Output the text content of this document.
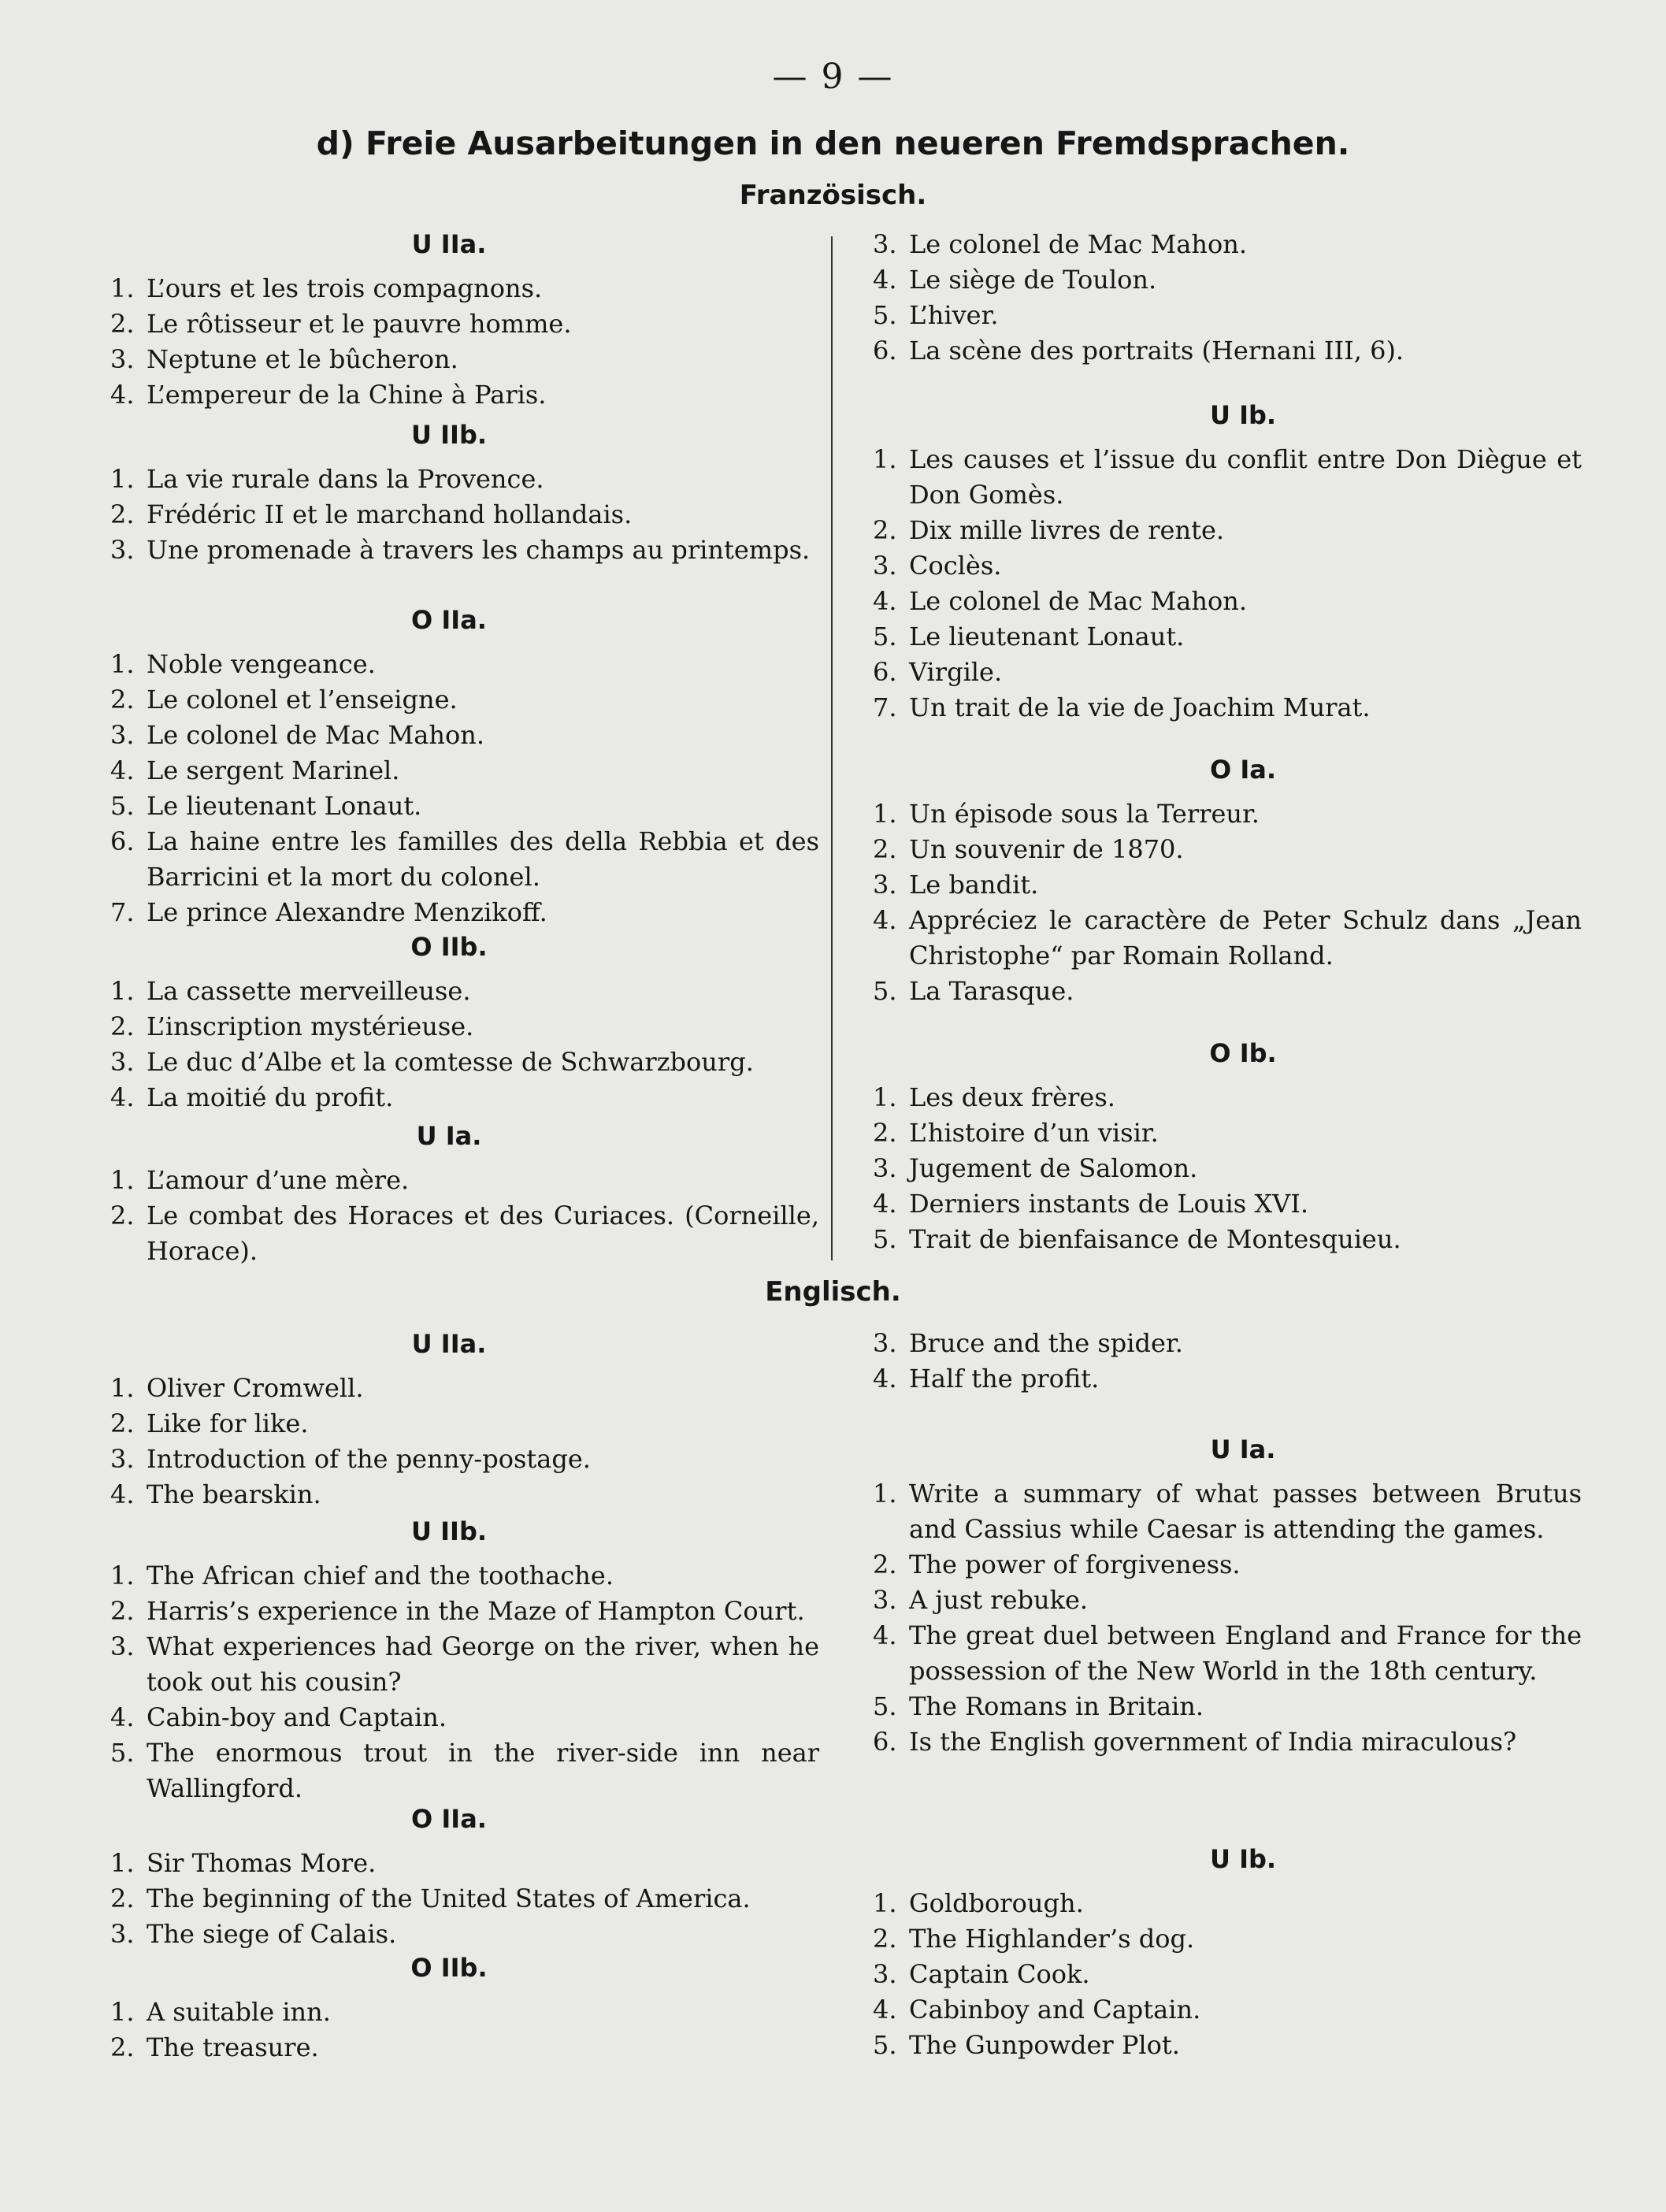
— 9 —
d) Freie Ausarbeitungen in den neueren Fremdsprachen.
Französisch.
Englisch.
U IIa.
1. L’ours et les trois compagnons.
2. Le rôtisseur et le pauvre homme.
3. Neptune et le bûcheron.
4. L’empereur de la Chine à Paris.
U IIb.
1. La vie rurale dans la Provence.
2. Frédéric II et le marchand hollandais.
3. Une promenade à travers les champs au printemps.
O IIa.
1. Noble vengeance.
2. Le colonel et l’enseigne.
3. Le colonel de Mac Mahon.
4. Le sergent Marinel.
5. Le lieutenant Lonaut.
6. La haine entre les familles des della Rebbia et des Barricini et la mort du colonel.
7. Le prince Alexandre Menzikoff.
O IIb.
1. La cassette merveilleuse.
2. L’inscription mystérieuse.
3. Le duc d’Albe et la comtesse de Schwarzbourg.
4. La moitié du profit.
U Ia.
1. L’amour d’une mère.
2. Le combat des Horaces et des Curiaces. (Corneille, Horace).
U IIa.
1. Oliver Cromwell.
2. Like for like.
3. Introduction of the penny-postage.
4. The bearskin.
U IIb.
1. The African chief and the toothache.
2. Harris’s experience in the Maze of Hampton Court.
3. What experiences had George on the river, when he took out his cousin?
4. Cabin-boy and Captain.
5. The enormous trout in the river-side inn near Wallingford.
O IIa.
1. Sir Thomas More.
2. The beginning of the United States of America.
3. The siege of Calais.
O IIb.
1. A suitable inn.
2. The treasure.
3. Le colonel de Mac Mahon.
4. Le siège de Toulon.
5. L’hiver.
6. La scène des portraits (Hernani III, 6).
U Ib.
1. Les causes et l’issue du conflit entre Don Diègue et Don Gomès.
2. Dix mille livres de rente.
3. Coclès.
4. Le colonel de Mac Mahon.
5. Le lieutenant Lonaut.
6. Virgile.
7. Un trait de la vie de Joachim Murat.
O Ia.
1. Un épisode sous la Terreur.
2. Un souvenir de 1870.
3. Le bandit.
4. Appréciez le caractère de Peter Schulz dans „Jean Christophe“ par Romain Rolland.
5. La Tarasque.
O Ib.
1. Les deux frères.
2. L’histoire d’un visir.
3. Jugement de Salomon.
4. Derniers instants de Louis XVI.
5. Trait de bienfaisance de Montesquieu.
3. Bruce and the spider.
4. Half the profit.
U Ia.
1. Write a summary of what passes between Brutus and Cassius while Caesar is attending the games.
2. The power of forgiveness.
3. A just rebuke.
4. The great duel between England and France for the possession of the New World in the 18th century.
5. The Romans in Britain.
6. Is the English government of India miraculous?
U Ib.
1. Goldborough.
2. The Highlander’s dog.
3. Captain Cook.
4. Cabinboy and Captain.
5. The Gunpowder Plot.
